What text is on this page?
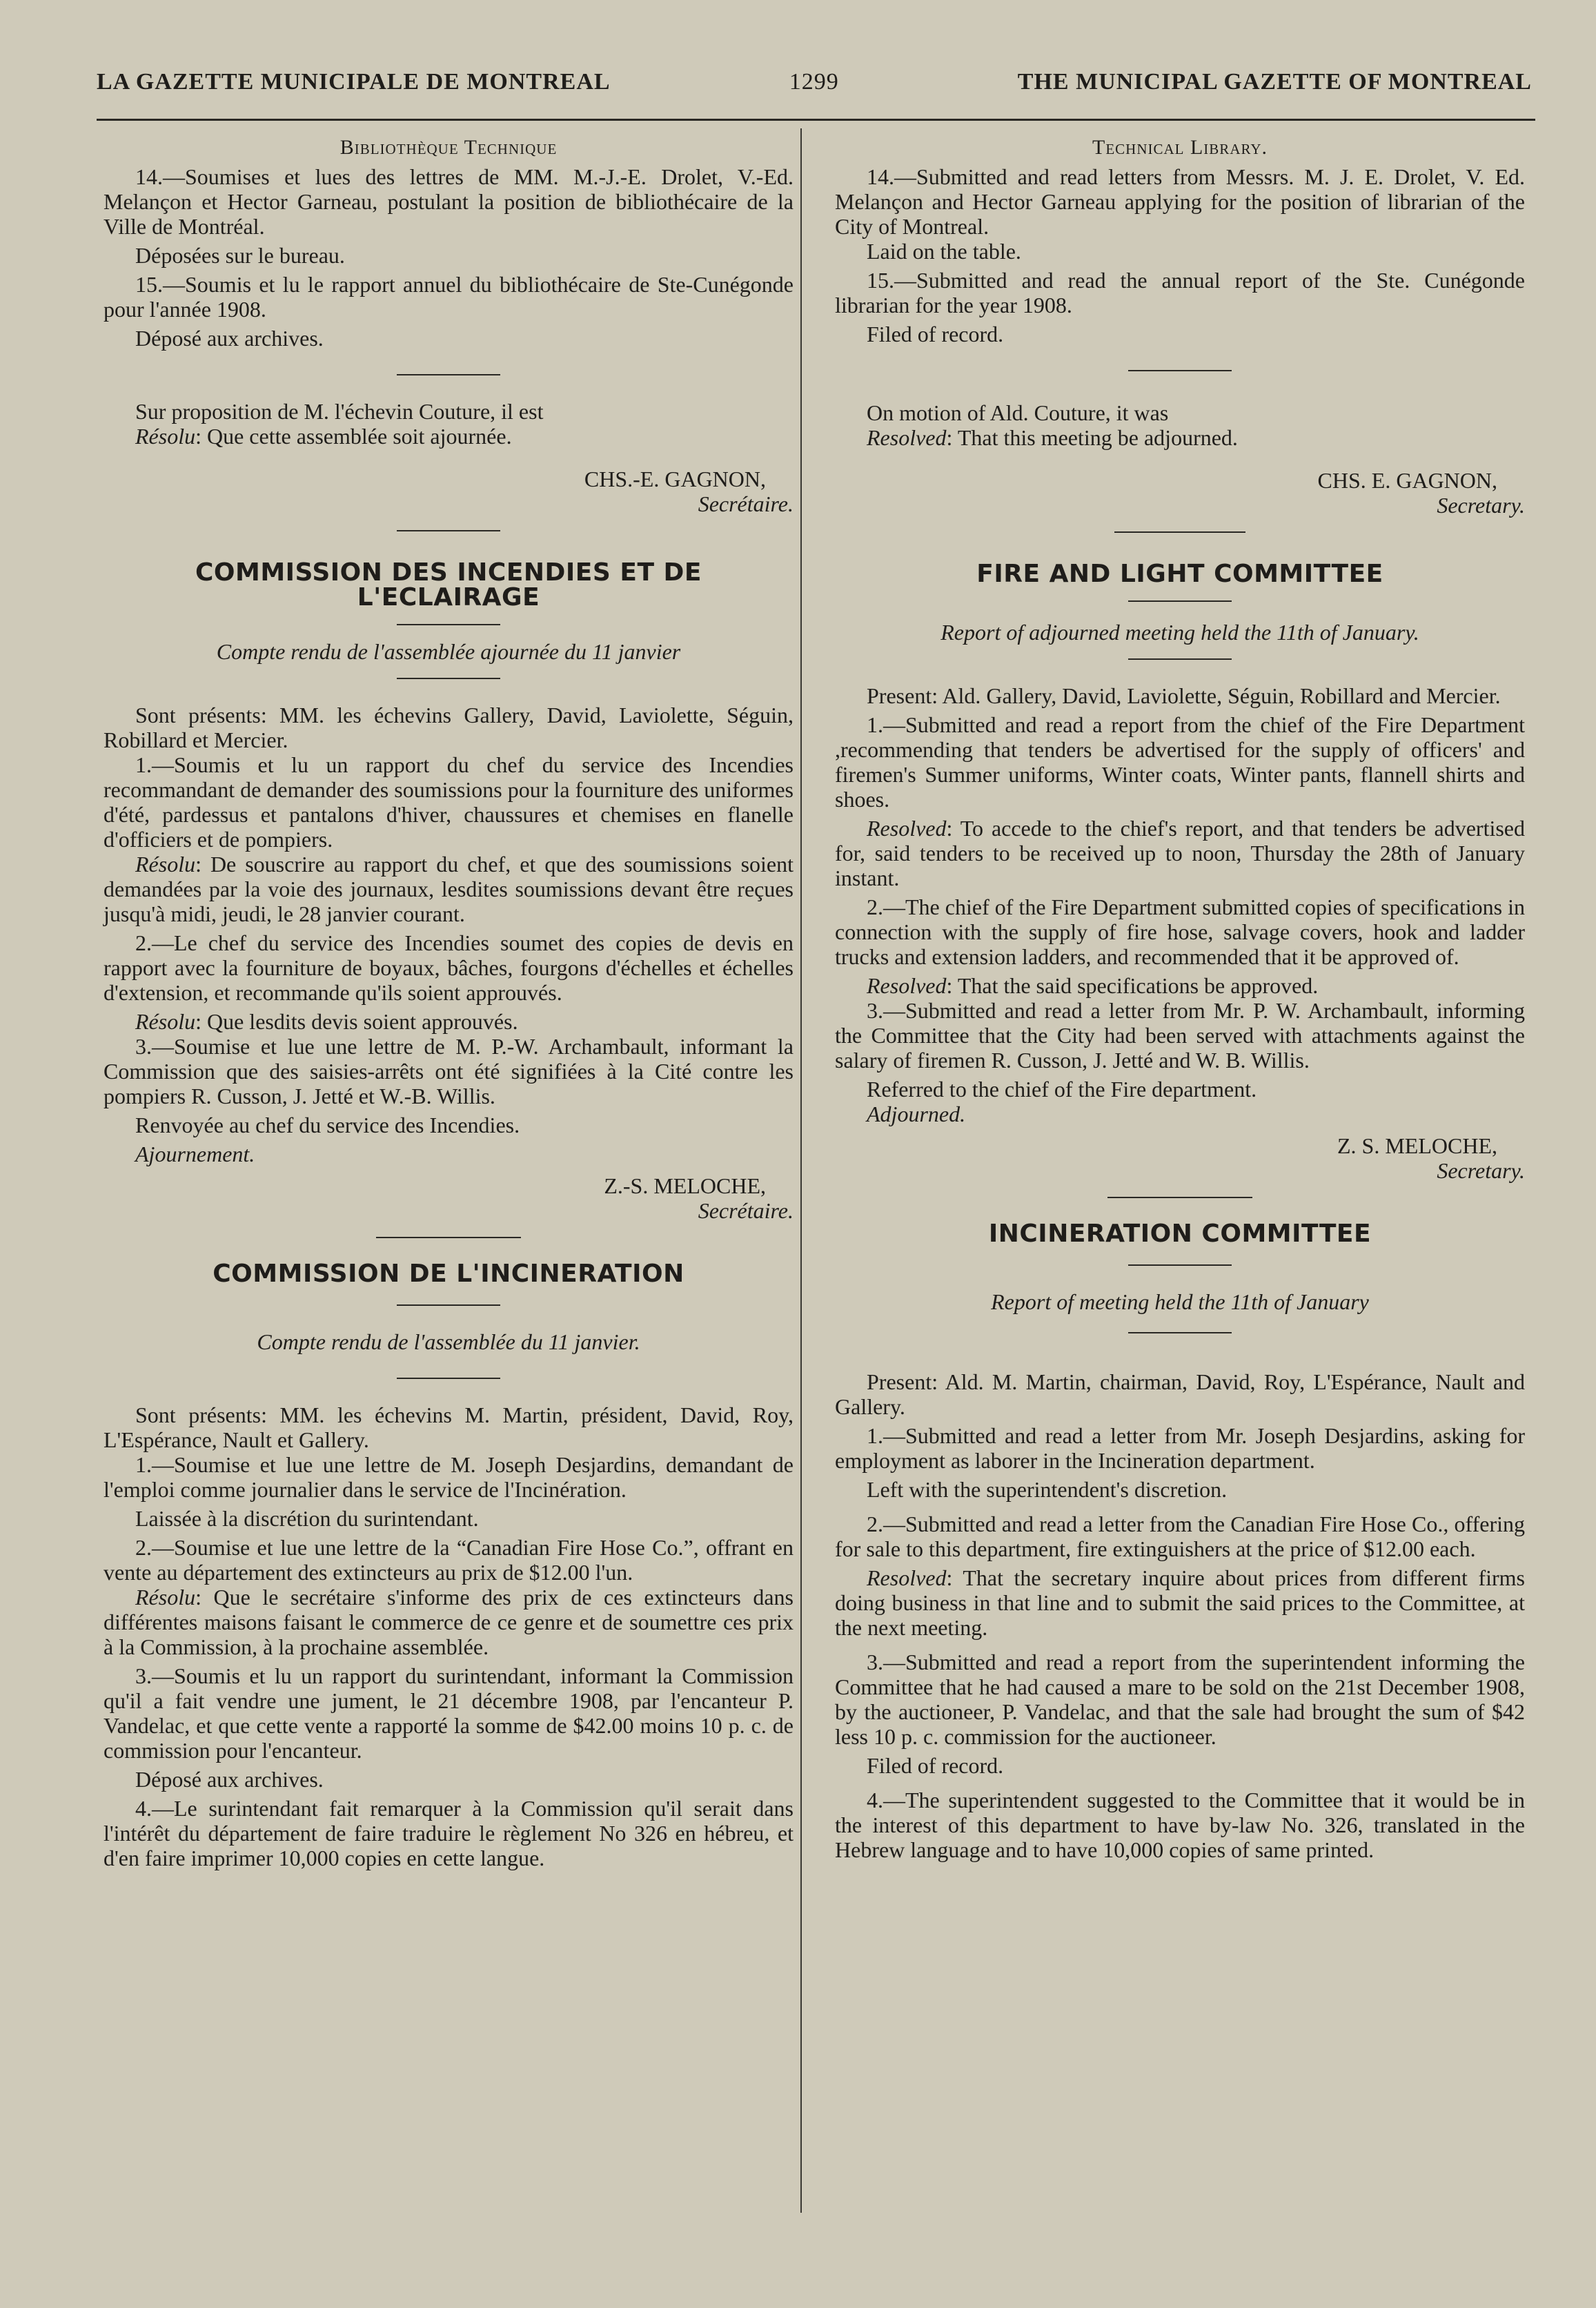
LA GAZETTE MUNICIPALE DE MONTREAL	1299	THE MUNICIPAL GAZETTE OF MONTREAL

Bibliothèque Technique

14.—Soumises et lues des lettres de MM. M.-J.-E. Drolet, V.-Ed. Melançon et Hector Garneau, postulant la position de bibliothécaire de la Ville de Montréal.

Déposées sur le bureau.

15.—Soumis et lu le rapport annuel du bibliothécaire de Ste-Cunégonde pour l'année 1908.

Déposé aux archives.

Sur proposition de M. l'échevin Couture, il est

Résolu: Que cette assemblée soit ajournée.

CHS.-E. GAGNON,

Secrétaire.

COMMISSION DES INCENDIES ET DE L'ECLAIRAGE

Compte rendu de l'assemblée ajournée du 11 janvier

Sont présents: MM. les échevins Gallery, David, Laviolette, Séguin, Robillard et Mercier.

1.—Soumis et lu un rapport du chef du service des Incendies recommandant de demander des soumissions pour la fourniture des uniformes d'été, pardessus et pantalons d'hiver, chaussures et chemises en flanelle d'officiers et de pompiers.

Résolu: De souscrire au rapport du chef, et que des soumissions soient demandées par la voie des journaux, lesdites soumissions devant être reçues jusqu'à midi, jeudi, le 28 janvier courant.

2.—Le chef du service des Incendies soumet des copies de devis en rapport avec la fourniture de boyaux, bâches, fourgons d'échelles et échelles d'extension, et recommande qu'ils soient approuvés.

Résolu: Que lesdits devis soient approuvés.

3.—Soumise et lue une lettre de M. P.-W. Archambault, informant la Commission que des saisies-arrêts ont été signifiées à la Cité contre les pompiers R. Cusson, J. Jetté et W.-B. Willis.

Renvoyée au chef du service des Incendies.

Ajournement.

Z.-S. MELOCHE,

Secrétaire.

COMMISSION DE L'INCINERATION

Compte rendu de l'assemblée du 11 janvier.

Sont présents: MM. les échevins M. Martin, président, David, Roy, L'Espérance, Nault et Gallery.

1.—Soumise et lue une lettre de M. Joseph Desjardins, demandant de l'emploi comme journalier dans le service de l'Incinération.

Laissée à la discrétion du surintendant.

2.—Soumise et lue une lettre de la “Canadian Fire Hose Co.”, offrant en vente au département des extincteurs au prix de $12.00 l'un.

Résolu: Que le secrétaire s'informe des prix de ces extincteurs dans différentes maisons faisant le commerce de ce genre et de soumettre ces prix à la Commission, à la prochaine assemblée.

3.—Soumis et lu un rapport du surintendant, informant la Commission qu'il a fait vendre une jument, le 21 décembre 1908, par l'encanteur P. Vandelac, et que cette vente a rapporté la somme de $42.00 moins 10 p. c. de commission pour l'encanteur.

Déposé aux archives.

4.—Le surintendant fait remarquer à la Commission qu'il serait dans l'intérêt du département de faire traduire le règlement No 326 en hébreu, et d'en faire imprimer 10,000 copies en cette langue.

Technical Library.

14.—Submitted and read letters from Messrs. M. J. E. Drolet, V. Ed. Melançon and Hector Garneau applying for the position of librarian of the City of Montreal.

Laid on the table.

15.—Submitted and read the annual report of the Ste. Cunégonde librarian for the year 1908.

Filed of record.

On motion of Ald. Couture, it was

Resolved: That this meeting be adjourned.

CHS. E. GAGNON,

Secretary.

FIRE AND LIGHT COMMITTEE

Report of adjourned meeting held the 11th of January.

Present: Ald. Gallery, David, Laviolette, Séguin, Robillard and Mercier.

1.—Submitted and read a report from the chief of the Fire Department ,recommending that tenders be advertised for the supply of officers' and firemen's Summer uniforms, Winter coats, Winter pants, flannell shirts and shoes.

Resolved: To accede to the chief's report, and that tenders be advertised for, said tenders to be received up to noon, Thursday the 28th of January instant.

2.—The chief of the Fire Department submitted copies of specifications in connection with the supply of fire hose, salvage covers, hook and ladder trucks and extension ladders, and recommended that it be approved of.

Resolved: That the said specifications be approved.

3.—Submitted and read a letter from Mr. P. W. Archambault, informing the Committee that the City had been served with attachments against the salary of firemen R. Cusson, J. Jetté and W. B. Willis.

Referred to the chief of the Fire department.

Adjourned.

Z. S. MELOCHE,

Secretary.

INCINERATION COMMITTEE

Report of meeting held the 11th of January

Present: Ald. M. Martin, chairman, David, Roy, L'Espérance, Nault and Gallery.

1.—Submitted and read a letter from Mr. Joseph Desjardins, asking for employment as laborer in the Incineration department.

Left with the superintendent's discretion.

2.—Submitted and read a letter from the Canadian Fire Hose Co., offering for sale to this department, fire extinguishers at the price of $12.00 each.

Resolved: That the secretary inquire about prices from different firms doing business in that line and to submit the said prices to the Committee, at the next meeting.

3.—Submitted and read a report from the superintendent informing the Committee that he had caused a mare to be sold on the 21st December 1908, by the auctioneer, P. Vandelac, and that the sale had brought the sum of $42 less 10 p. c. commission for the auctioneer.

Filed of record.

4.—The superintendent suggested to the Committee that it would be in the interest of this department to have by-law No. 326, translated in the Hebrew language and to have 10,000 copies of same printed.
